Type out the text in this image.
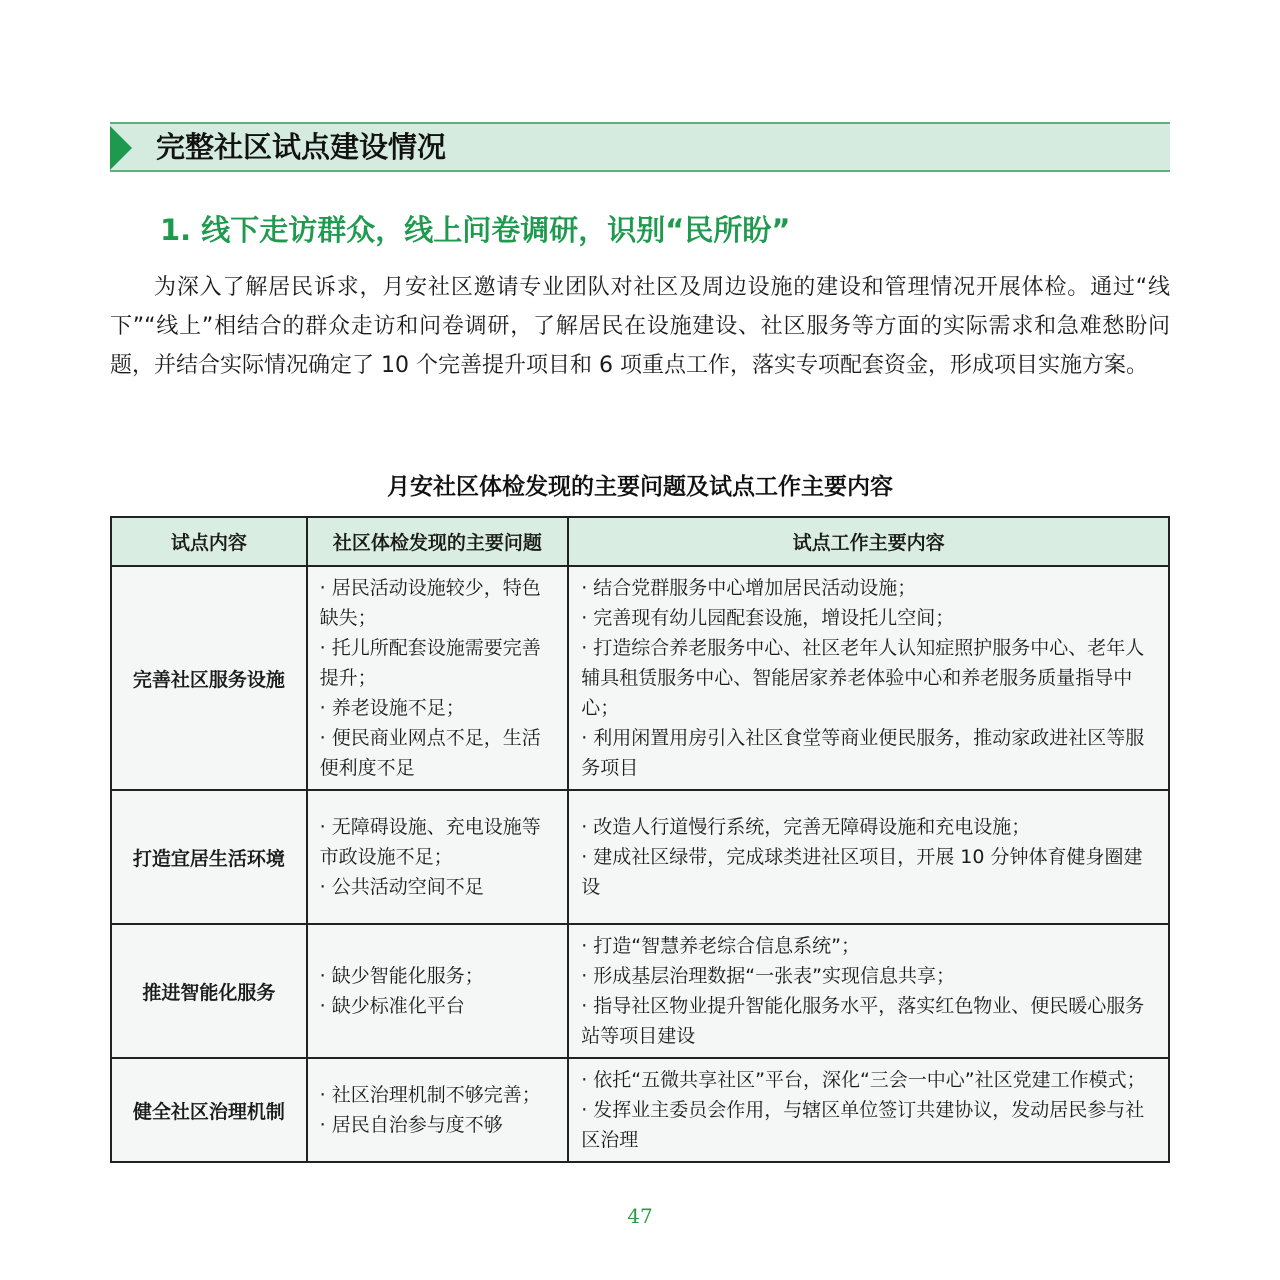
完整社区试点建设情况
1. 线下走访群众，线上问卷调研，识别“民所盼”

为深入了解居民诉求，月安社区邀请专业团队对社区及周边设施的建设和管理情况开展体检。通过“线下”“线上”相结合的群众走访和问卷调研，了解居民在设施建设、社区服务等方面的实际需求和急难愁盼问题，并结合实际情况确定了 10 个完善提升项目和 6 项重点工作，落实专项配套资金，形成项目实施方案。

月安社区体检发现的主要问题及试点工作主要内容
试点内容	社区体检发现的主要问题	试点工作主要内容
完善社区服务设施	· 居民活动设施较少，特色缺失；
· 托儿所配套设施需要完善提升；
· 养老设施不足；
· 便民商业网点不足，生活便利度不足	· 结合党群服务中心增加居民活动设施；
· 完善现有幼儿园配套设施，增设托儿空间；
· 打造综合养老服务中心、社区老年人认知症照护服务中心、老年人辅具租赁服务中心、智能居家养老体验中心和养老服务质量指导中心；
· 利用闲置用房引入社区食堂等商业便民服务，推动家政进社区等服务项目

打造宜居生活环境	· 无障碍设施、充电设施等市政设施不足；
· 公共活动空间不足	· 改造人行道慢行系统，完善无障碍设施和充电设施；
· 建成社区绿带，完成球类进社区项目，开展 10 分钟体育健身圈建设

推进智能化服务	· 缺少智能化服务；
· 缺少标准化平台	· 打造“智慧养老综合信息系统”；
· 形成基层治理数据“一张表”实现信息共享；
· 指导社区物业提升智能化服务水平，落实红色物业、便民暖心服务站等项目建设

健全社区治理机制	· 社区治理机制不够完善；
· 居民自治参与度不够	· 依托“五微共享社区”平台，深化“三会一中心”社区党建工作模式；
· 发挥业主委员会作用，与辖区单位签订共建协议，发动居民参与社区治理
47
